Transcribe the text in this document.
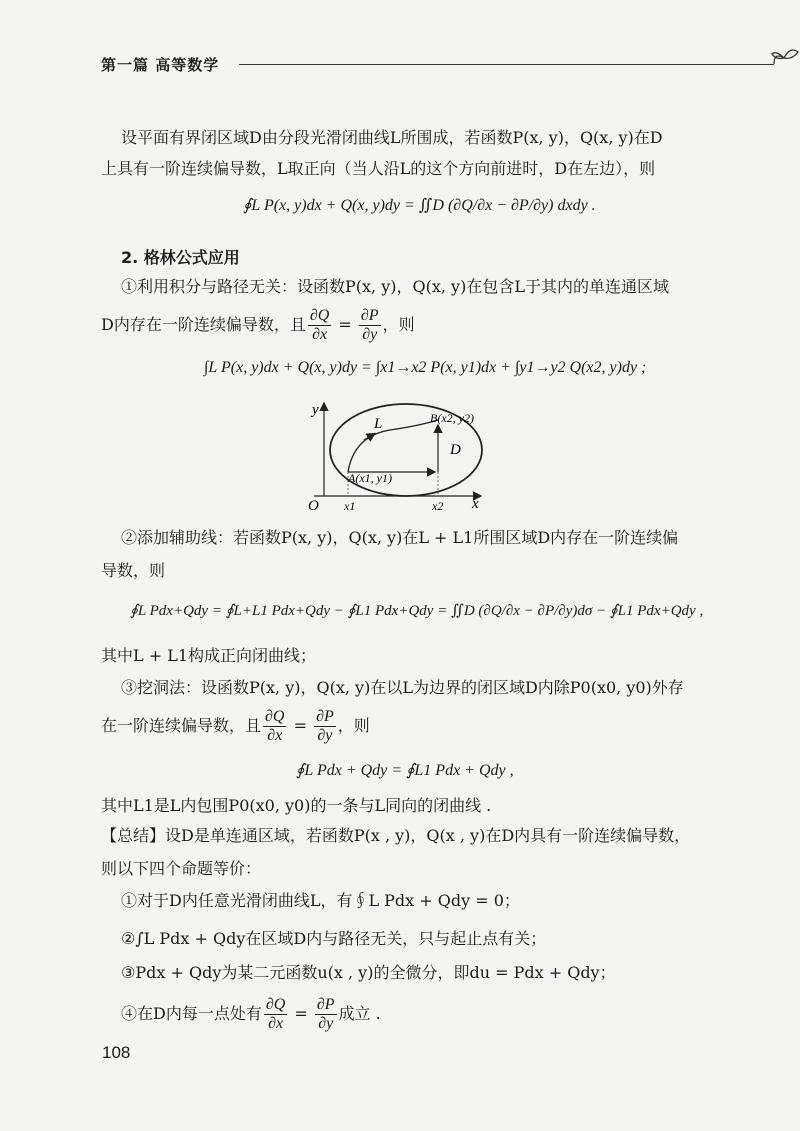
第一篇 高等数学
设平面有界闭区域D由分段光滑闭曲线L所围成，若函数P(x, y)，Q(x, y)在D
上具有一阶连续偏导数，L取正向（当人沿L的这个方向前进时，D在左边），则
∮L P(x, y)dx + Q(x, y)dy = ∬D (∂Q/∂x − ∂P/∂y) dxdy .
2. 格林公式应用
①利用积分与路径无关：设函数P(x, y)，Q(x, y)在包含L于其内的单连通区域
D内存在一阶连续偏导数，且 $\frac{\partial Q}{\partial x} = \frac{\partial P}{\partial y}$ ，则
∫L P(x, y)dx + Q(x, y)dy = ∫x1→x2 P(x, y1)dx + ∫y1→y2 Q(x2, y)dy ;
y
x
O
L
D
B(x2, y2)
A(x1, y1)
x1	x2
②添加辅助线：若函数P(x, y)，Q(x, y)在L + L1所围区域D内存在一阶连续偏
导数，则
∮L Pdx+Qdy = ∮L+L1 Pdx+Qdy − ∮L1 Pdx+Qdy = ∬D (∂Q/∂x − ∂P/∂y)dσ − ∮L1 Pdx+Qdy ,
其中L + L1构成正向闭曲线；
③挖洞法：设函数P(x, y)，Q(x, y)在以L为边界的闭区域D内除P0(x0, y0)外存
在一阶连续偏导数，且 $\frac{\partial Q}{\partial x} = \frac{\partial P}{\partial y}$ ，则
∮L Pdx + Qdy = ∮L1 Pdx + Qdy ,
其中L1是L内包围P0(x0, y0)的一条与L同向的闭曲线 .
【总结】设D是单连通区域，若函数P(x , y)，Q(x , y)在D内具有一阶连续偏导数，
则以下四个命题等价：
①对于D内任意光滑闭曲线L，有∮L Pdx + Qdy = 0；
②∫L Pdx + Qdy在区域D内与路径无关，只与起止点有关；
③Pdx + Qdy为某二元函数u(x , y)的全微分，即du = Pdx + Qdy；
④在D内每一点处有 $\frac{\partial Q}{\partial x} = \frac{\partial P}{\partial y}$ 成立 .
108
